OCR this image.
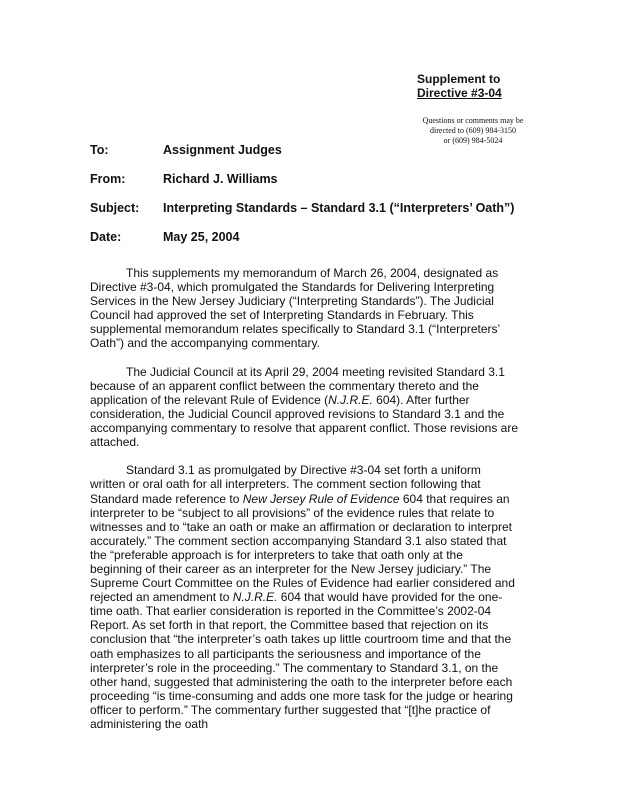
Supplement to
Directive #3-04
Questions or comments may be
directed to (609) 984-3150
or (609) 984-5024
To:	Assignment Judges
From:	Richard J. Williams
Subject: Interpreting Standards – Standard 3.1 (“Interpreters’ Oath”)
Date:	May 25, 2004

This supplements my memorandum of March 26, 2004, designated as Directive #3-04, which promulgated the Standards for Delivering Interpreting Services in the New Jersey Judiciary (“Interpreting Standards”). The Judicial Council had approved the set of Interpreting Standards in February. This supplemental memorandum relates specifically to Standard 3.1 (“Interpreters’ Oath”) and the accompanying commentary.

The Judicial Council at its April 29, 2004 meeting revisited Standard 3.1 because of an apparent conflict between the commentary thereto and the application of the relevant Rule of Evidence (N.J.R.E. 604). After further consideration, the Judicial Council approved revisions to Standard 3.1 and the accompanying commentary to resolve that apparent conflict. Those revisions are attached.

Standard 3.1 as promulgated by Directive #3-04 set forth a uniform written or oral oath for all interpreters. The comment section following that Standard made reference to New Jersey Rule of Evidence 604 that requires an interpreter to be “subject to all provisions” of the evidence rules that relate to witnesses and to “take an oath or make an affirmation or declaration to interpret accurately.” The comment section accompanying Standard 3.1 also stated that the “preferable approach is for interpreters to take that oath only at the beginning of their career as an interpreter for the New Jersey judiciary.” The Supreme Court Committee on the Rules of Evidence had earlier considered and rejected an amendment to N.J.R.E. 604 that would have provided for the one-time oath. That earlier consideration is reported in the Committee’s 2002-04 Report. As set forth in that report, the Committee based that rejection on its conclusion that “the interpreter’s oath takes up little courtroom time and that the oath emphasizes to all participants the seriousness and importance of the interpreter’s role in the proceeding.” The commentary to Standard 3.1, on the other hand, suggested that administering the oath to the interpreter before each proceeding “is time-consuming and adds one more task for the judge or hearing officer to perform.” The commentary further suggested that “[t]he practice of administering the oath
